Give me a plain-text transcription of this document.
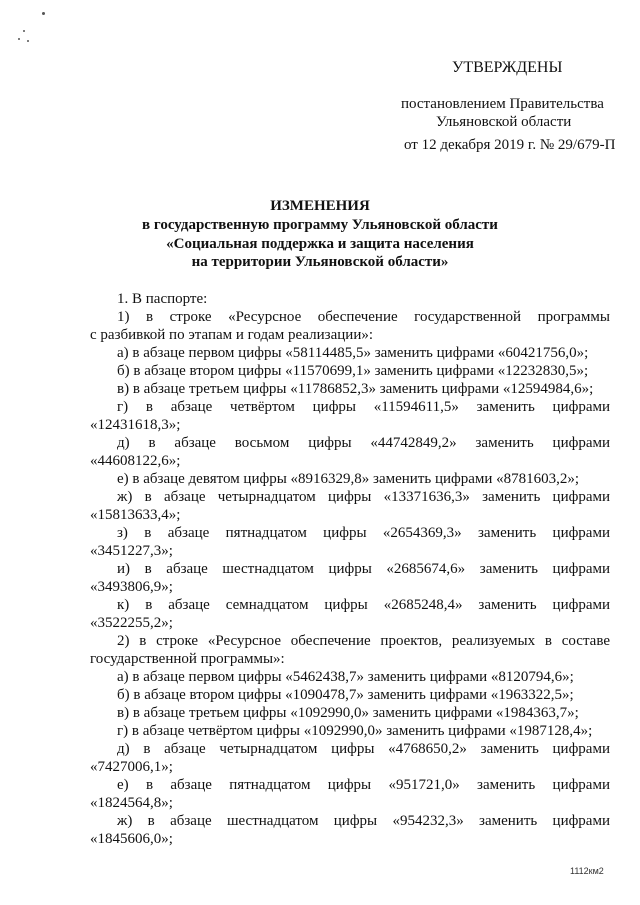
УТВЕРЖДЕНЫ
постановлением Правительства
Ульяновской области
от 12 декабря 2019 г. № 29/679-П
ИЗМЕНЕНИЯ
в государственную программу Ульяновской области
«Социальная поддержка и защита населения
на территории Ульяновской области»
1. В паспорте:
1) в строке «Ресурсное обеспечение государственной программы
с разбивкой по этапам и годам реализации»:
а) в абзаце первом цифры «58114485,5» заменить цифрами «60421756,0»;
б) в абзаце втором цифры «11570699,1» заменить цифрами «12232830,5»;
в) в абзаце третьем цифры «11786852,3» заменить цифрами «12594984,6»;
г) в абзаце четвёртом цифры «11594611,5» заменить цифрами
«12431618,3»;
д) в абзаце восьмом цифры «44742849,2» заменить цифрами
«44608122,6»;
е) в абзаце девятом цифры «8916329,8» заменить цифрами «8781603,2»;
ж) в абзаце четырнадцатом цифры «13371636,3» заменить цифрами
«15813633,4»;
з) в абзаце пятнадцатом цифры «2654369,3» заменить цифрами
«3451227,3»;
и) в абзаце шестнадцатом цифры «2685674,6» заменить цифрами
«3493806,9»;
к) в абзаце семнадцатом цифры «2685248,4» заменить цифрами
«3522255,2»;
2) в строке «Ресурсное обеспечение проектов, реализуемых в составе
государственной программы»:
а) в абзаце первом цифры «5462438,7» заменить цифрами «8120794,6»;
б) в абзаце втором цифры «1090478,7» заменить цифрами «1963322,5»;
в) в абзаце третьем цифры «1092990,0» заменить цифрами «1984363,7»;
г) в абзаце четвёртом цифры «1092990,0» заменить цифрами «1987128,4»;
д) в абзаце четырнадцатом цифры «4768650,2» заменить цифрами
«7427006,1»;
е) в абзаце пятнадцатом цифры «951721,0» заменить цифрами
«1824564,8»;
ж) в абзаце шестнадцатом цифры «954232,3» заменить цифрами
«1845606,0»;
1112км2
